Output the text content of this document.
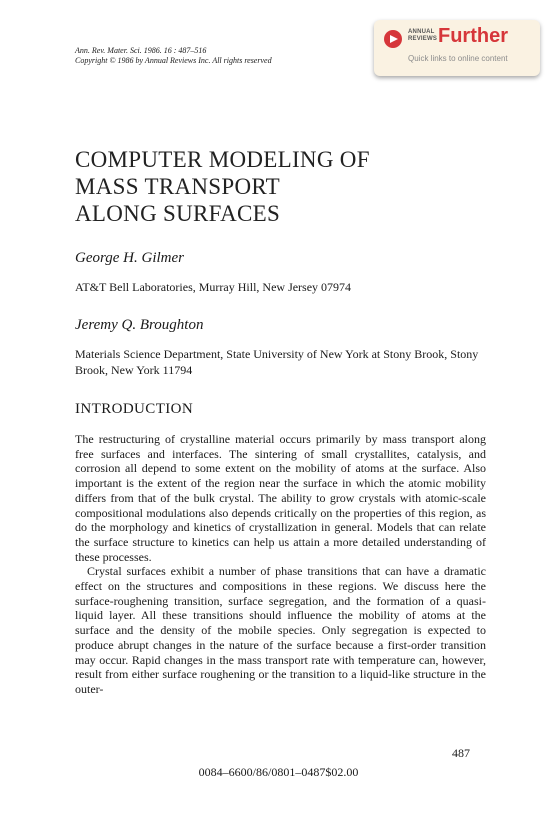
Ann. Rev. Mater. Sci. 1986. 16 : 487–516
Copyright © 1986 by Annual Reviews Inc. All rights reserved
ANNUAL REVIEWS Further
Quick links to online content
COMPUTER MODELING OF
MASS TRANSPORT
ALONG SURFACES
George H. Gilmer
AT&T Bell Laboratories, Murray Hill, New Jersey 07974
Jeremy Q. Broughton
Materials Science Department, State University of New York at Stony Brook, Stony Brook, New York 11794
INTRODUCTION

The restructuring of crystalline material occurs primarily by mass transport along free surfaces and interfaces. The sintering of small crystallites, catalysis, and corrosion all depend to some extent on the mobility of atoms at the surface. Also important is the extent of the region near the surface in which the atomic mobility differs from that of the bulk crystal. The ability to grow crystals with atomic-scale compositional modulations also depends critically on the properties of this region, as do the morphology and kinetics of crystallization in general. Models that can relate the surface structure to kinetics can help us attain a more detailed understanding of these processes.

Crystal surfaces exhibit a number of phase transitions that can have a dramatic effect on the structures and compositions in these regions. We discuss here the surface-roughening transition, surface segregation, and the formation of a quasi-liquid layer. All these transitions should influence the mobility of atoms at the surface and the density of the mobile species. Only segregation is expected to produce abrupt changes in the nature of the surface because a first-order transition may occur. Rapid changes in the mass transport rate with temperature can, however, result from either surface roughening or the transition to a liquid-like structure in the outer-

487
0084–6600/86/0801–0487$02.00
